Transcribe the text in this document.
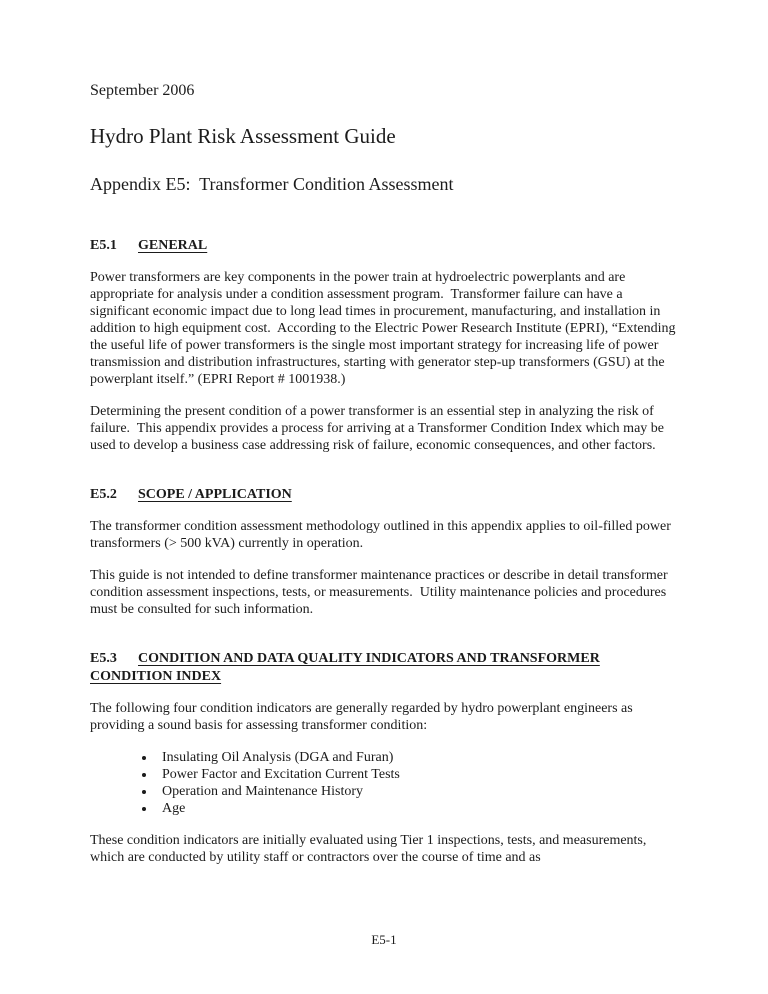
September 2006

Hydro Plant Risk Assessment Guide
Appendix E5:  Transformer Condition Assessment
E5.1 GENERAL

Power transformers are key components in the power train at hydroelectric powerplants and are appropriate for analysis under a condition assessment program.  Transformer failure can have a significant economic impact due to long lead times in procurement, manufacturing, and installation in addition to high equipment cost.  According to the Electric Power Research Institute (EPRI), “Extending the useful life of power transformers is the single most important strategy for increasing life of power transmission and distribution infrastructures, starting with generator step-up transformers (GSU) at the powerplant itself.” (EPRI Report # 1001938.)

Determining the present condition of a power transformer is an essential step in analyzing the risk of failure.  This appendix provides a process for arriving at a Transformer Condition Index which may be used to develop a business case addressing risk of failure, economic consequences, and other factors.

E5.2 SCOPE / APPLICATION

The transformer condition assessment methodology outlined in this appendix applies to oil-filled power transformers (> 500 kVA) currently in operation.

This guide is not intended to define transformer maintenance practices or describe in detail transformer condition assessment inspections, tests, or measurements.  Utility maintenance policies and procedures must be consulted for such information.

E5.3 CONDITION AND DATA QUALITY INDICATORS AND TRANSFORMER
CONDITION INDEX

The following four condition indicators are generally regarded by hydro powerplant engineers as providing a sound basis for assessing transformer condition:

• Insulating Oil Analysis (DGA and Furan)
• Power Factor and Excitation Current Tests
• Operation and Maintenance History
• Age

These condition indicators are initially evaluated using Tier 1 inspections, tests, and measurements, which are conducted by utility staff or contractors over the course of time and as

E5-1
